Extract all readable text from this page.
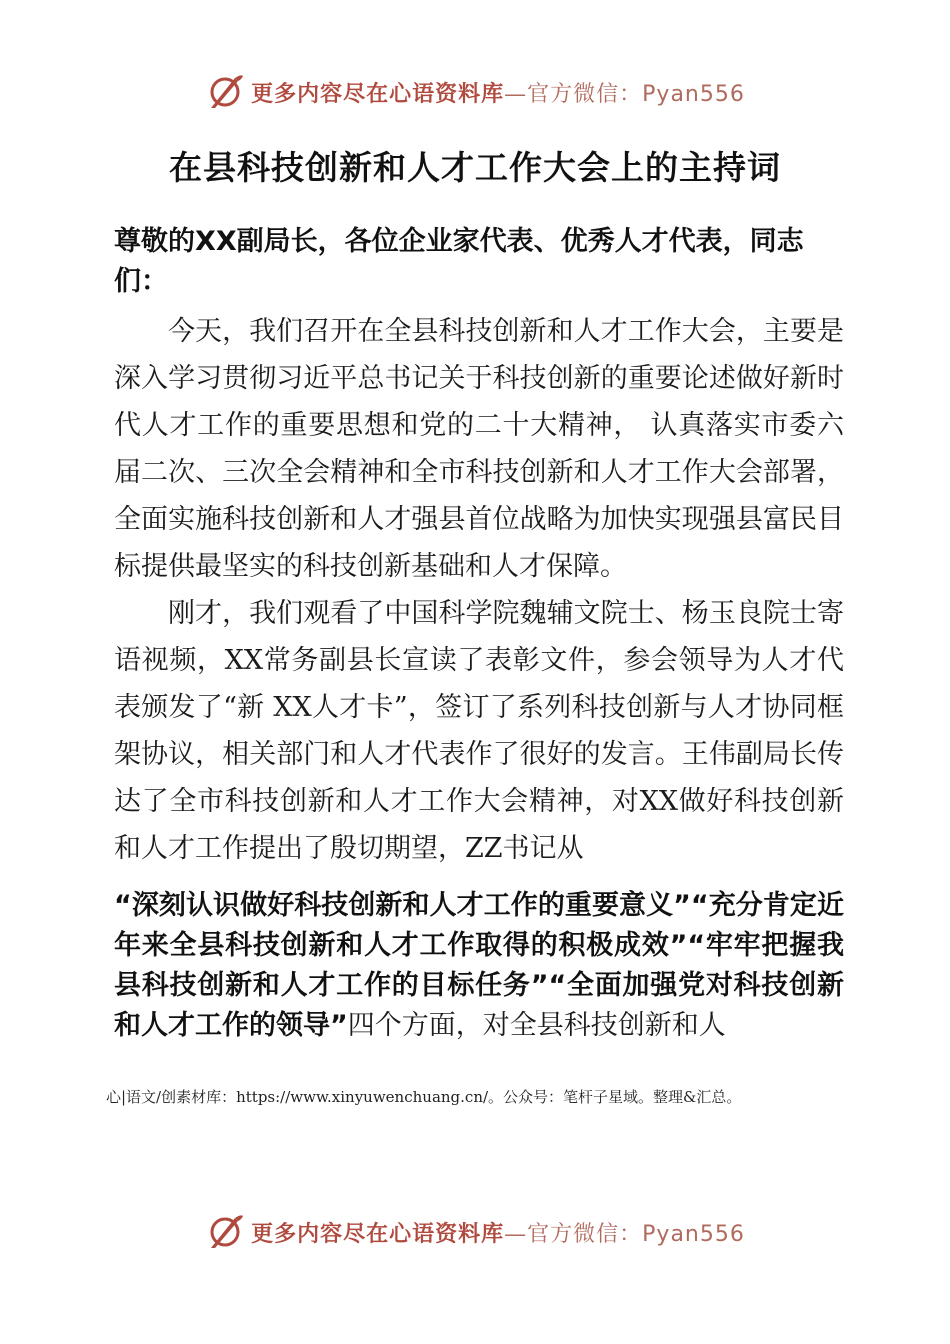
更多内容尽在心语资料库—官方微信：Pyan556
在县科技创新和人才工作大会上的主持词

尊敬的XX副局长，各位企业家代表、优秀人才代表，同志们：

今天，我们召开在全县科技创新和人才工作大会，主要是深入学习贯彻习近平总书记关于科技创新的重要论述做好新时代人才工作的重要思想和党的二十大精神， 认真落实市委六届二次、三次全会精神和全市科技创新和人才工作大会部署，全面实施科技创新和人才强县首位战略为加快实现强县富民目标提供最坚实的科技创新基础和人才保障。

刚才，我们观看了中国科学院魏辅文院士、杨玉良院士寄语视频，XX常务副县长宣读了表彰文件，参会领导为人才代表颁发了“新 XX人才卡”，签订了系列科技创新与人才协同框架协议，相关部门和人才代表作了很好的发言。王伟副局长传达了全市科技创新和人才工作大会精神，对XX做好科技创新和人才工作提出了殷切期望，ZZ书记从

“深刻认识做好科技创新和人才工作的重要意义”“充分肯定近年来全县科技创新和人才工作取得的积极成效”“牢牢把握我县科技创新和人才工作的目标任务”“全面加强党对科技创新和人才工作的领导”四个方面，对全县科技创新和人

心|语文/创素材库：https://www.xinyuwenchuang.cn/。公众号：笔杆子星域。整理&汇总。
更多内容尽在心语资料库—官方微信：Pyan556
